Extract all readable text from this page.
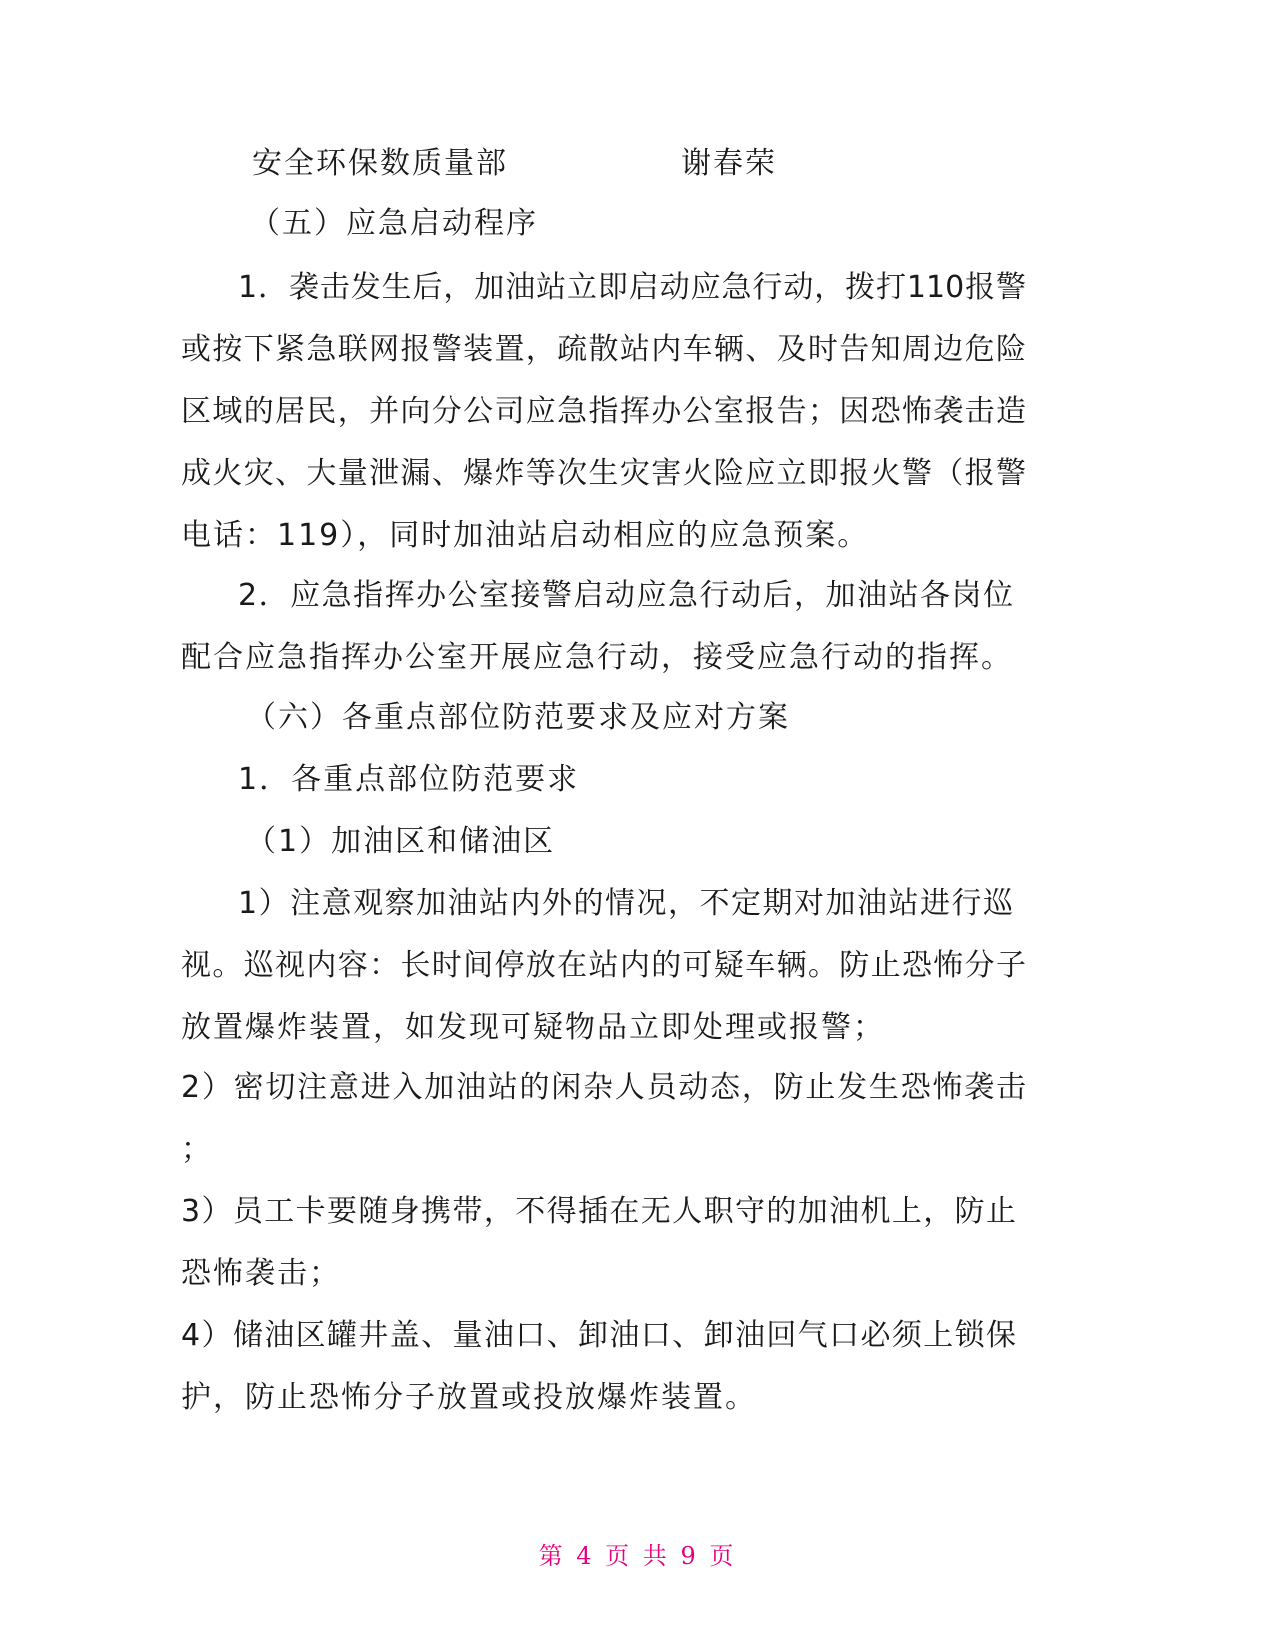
安全环保数质量部	谢春荣
（五）应急启动程序
1．袭击发生后，加油站立即启动应急行动，拨打110报警
或按下紧急联网报警装置，疏散站内车辆、及时告知周边危险
区域的居民，并向分公司应急指挥办公室报告；因恐怖袭击造
成火灾、大量泄漏、爆炸等次生灾害火险应立即报火警（报警
电话：119），同时加油站启动相应的应急预案。
2．应急指挥办公室接警启动应急行动后，加油站各岗位
配合应急指挥办公室开展应急行动，接受应急行动的指挥。
（六）各重点部位防范要求及应对方案
1．各重点部位防范要求
（1）加油区和储油区
1）注意观察加油站内外的情况，不定期对加油站进行巡
视。巡视内容：长时间停放在站内的可疑车辆。防止恐怖分子
放置爆炸装置，如发现可疑物品立即处理或报警；
2）密切注意进入加油站的闲杂人员动态，防止发生恐怖袭击
；
3）员工卡要随身携带，不得插在无人职守的加油机上，防止
恐怖袭击；
4）储油区罐井盖、量油口、卸油口、卸油回气口必须上锁保
护，防止恐怖分子放置或投放爆炸装置。
第 4 页 共 9 页
